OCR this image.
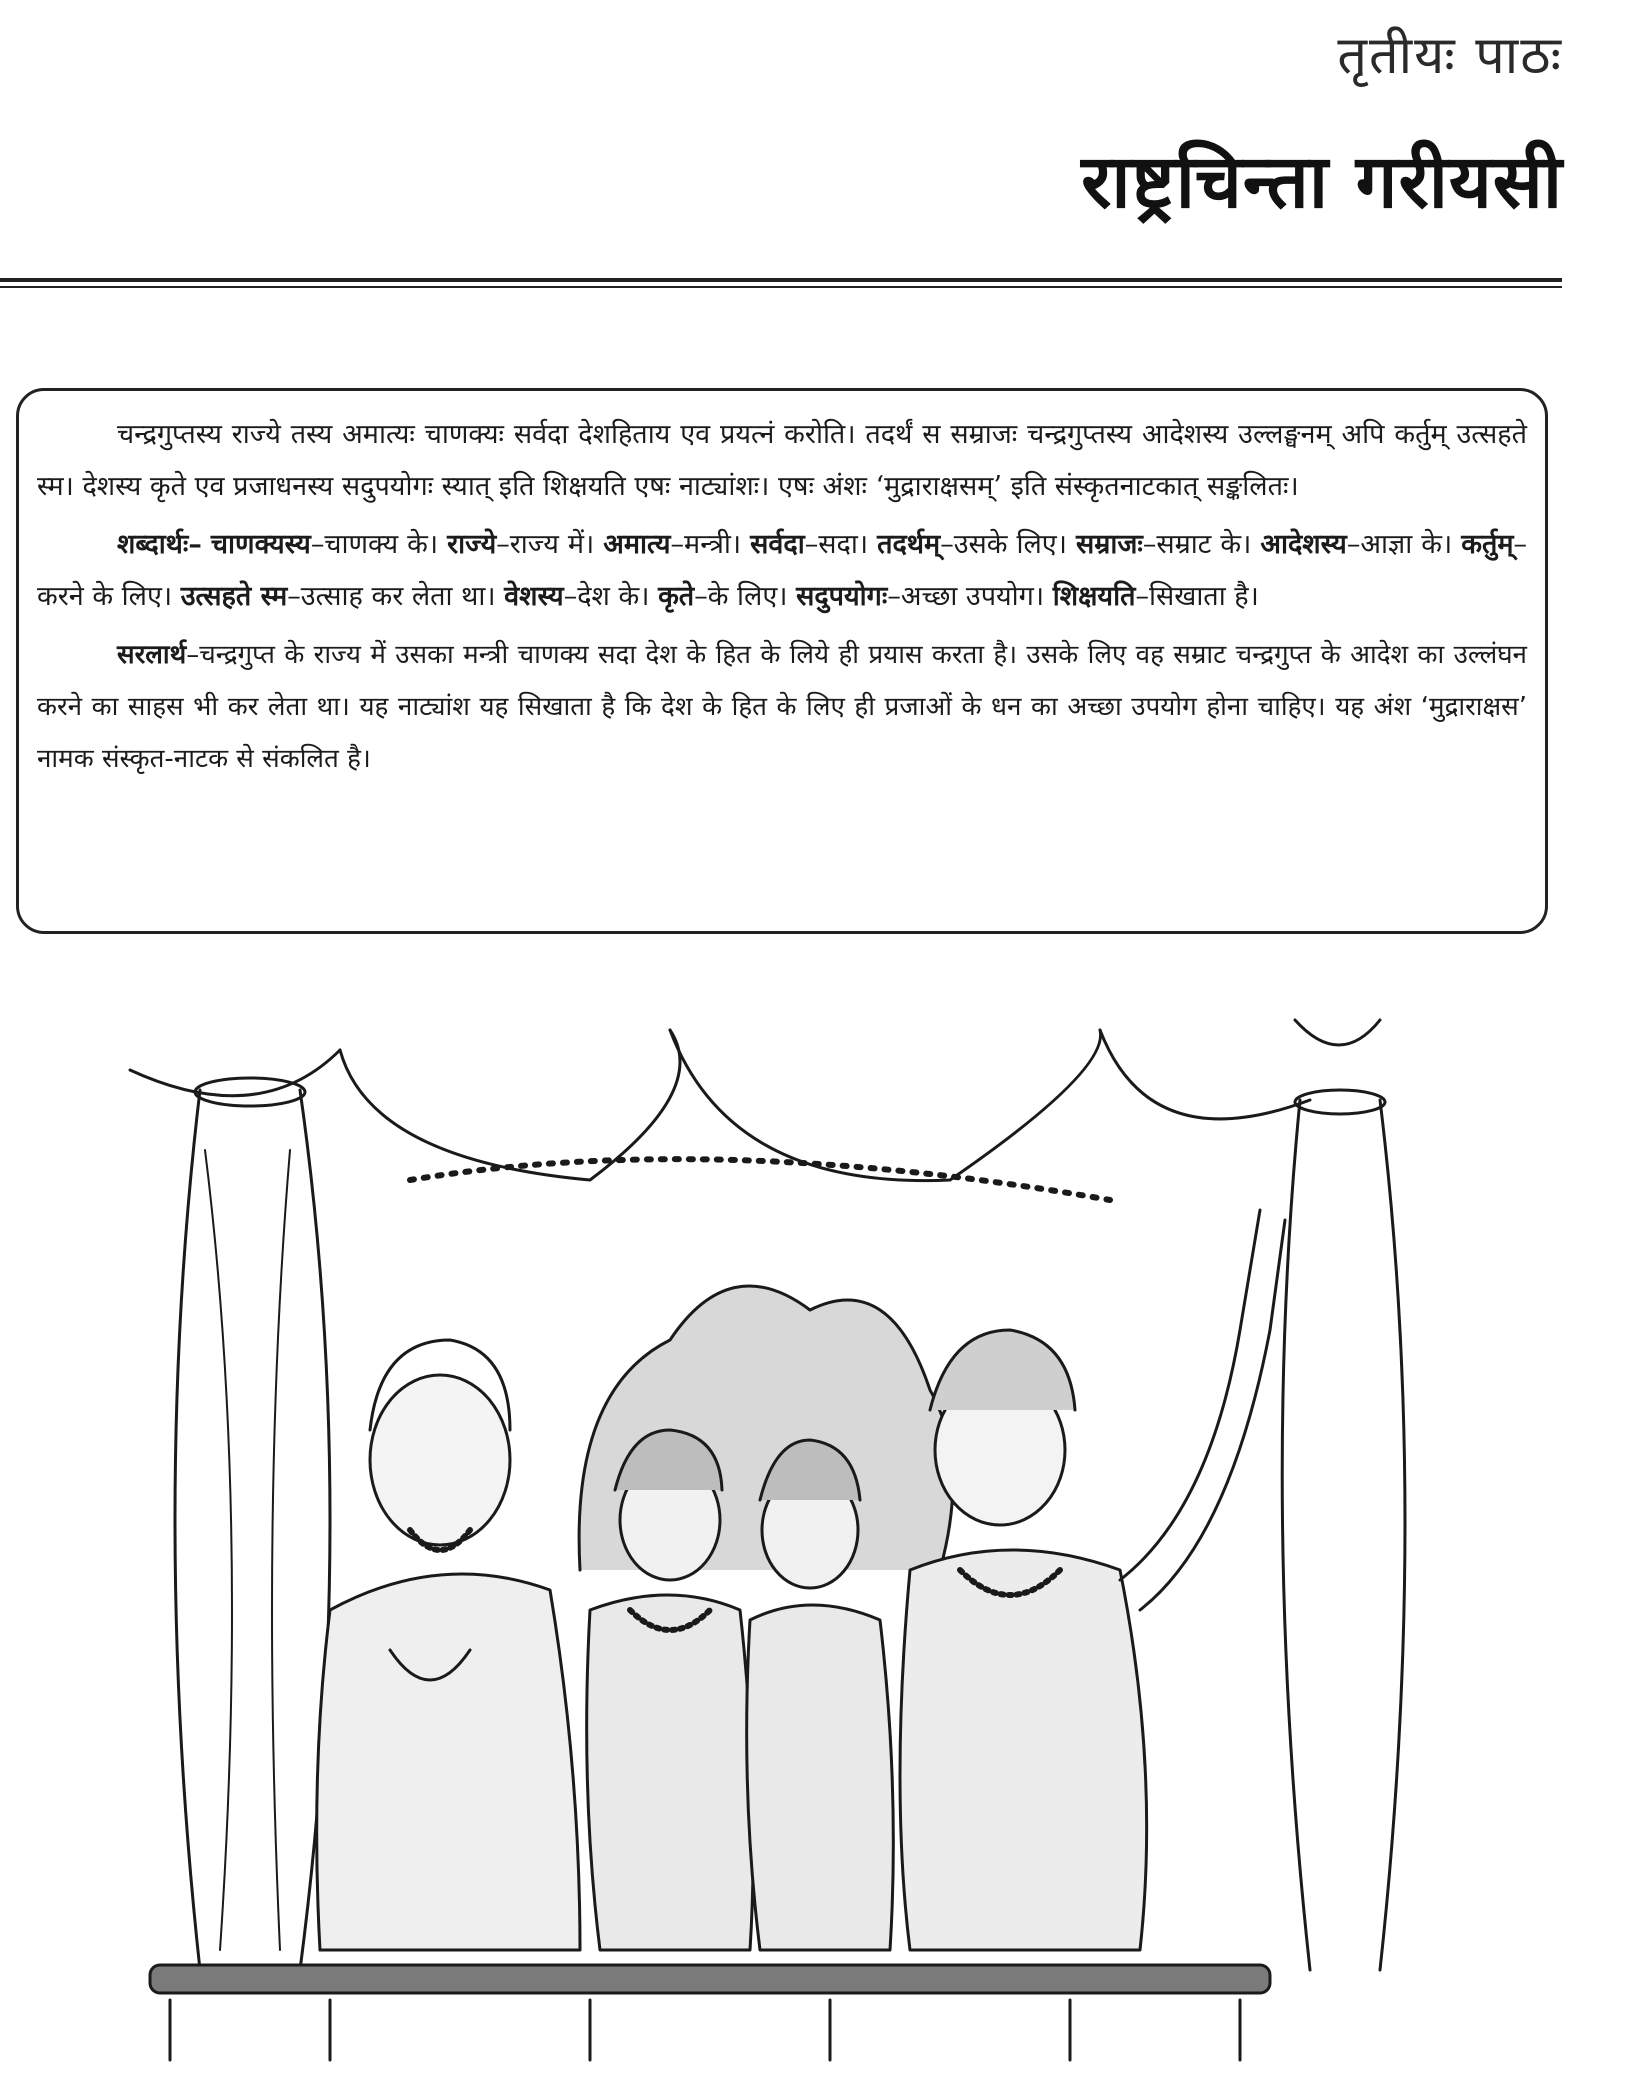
तृतीयः पाठः
राष्ट्रचिन्ता गरीयसी

चन्द्रगुप्तस्य राज्ये तस्य अमात्यः चाणक्यः सर्वदा देशहिताय एव प्रयत्नं करोति। तदर्थं स सम्राजः चन्द्रगुप्तस्य आदेशस्य उल्लङ्घनम् अपि कर्तुम् उत्सहते स्म। देशस्य कृते एव प्रजाधनस्य सदुपयोगः स्यात् इति शिक्षयति एषः नाट्यांशः। एषः अंशः ‘मुद्राराक्षसम्’ इति संस्कृतनाटकात् सङ्कलितः।

शब्दार्थः– चाणक्यस्य–चाणक्य के। राज्ये–राज्य में। अमात्य–मन्त्री। सर्वदा–सदा। तदर्थम्–उसके लिए। सम्राजः–सम्राट के। आदेशस्य–आज्ञा के। कर्तुम्–करने के लिए। उत्सहते स्म–उत्साह कर लेता था। वेशस्य–देश के। कृते–के लिए। सदुपयोगः–अच्छा उपयोग। शिक्षयति–सिखाता है।

सरलार्थ–चन्द्रगुप्त के राज्य में उसका मन्त्री चाणक्य सदा देश के हित के लिये ही प्रयास करता है। उसके लिए वह सम्राट चन्द्रगुप्त के आदेश का उल्लंघन करने का साहस भी कर लेता था। यह नाट्यांश यह सिखाता है कि देश के हित के लिए ही प्रजाओं के धन का अच्छा उपयोग होना चाहिए। यह अंश ‘मुद्राराक्षस’ नामक संस्कृत-नाटक से संकलित है।
